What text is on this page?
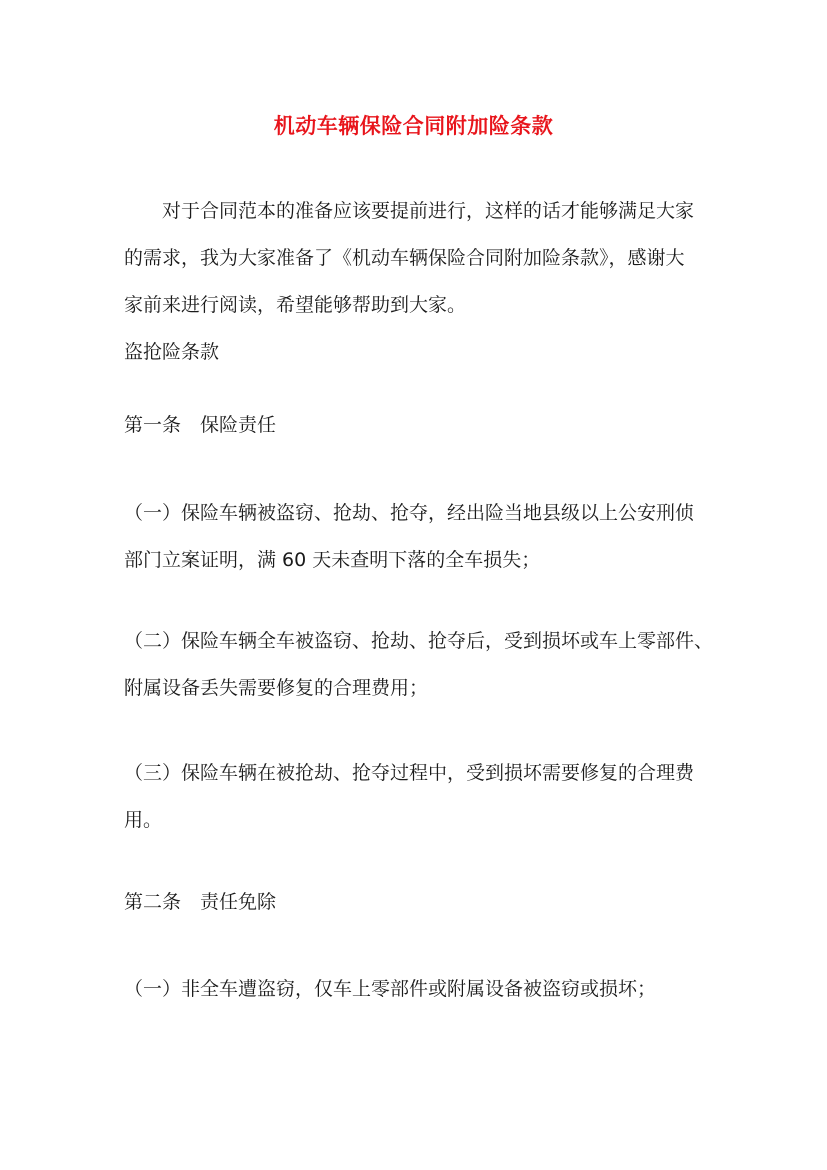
机动车辆保险合同附加险条款
对于合同范本的准备应该要提前进行，这样的话才能够满足大家
的需求，我为大家准备了《机动车辆保险合同附加险条款》，感谢大
家前来进行阅读，希望能够帮助到大家。
盗抢险条款
第一条　保险责任
（一）保险车辆被盗窃、抢劫、抢夺，经出险当地县级以上公安刑侦
部门立案证明，满 60 天未查明下落的全车损失；
（二）保险车辆全车被盗窃、抢劫、抢夺后，受到损坏或车上零部件、
附属设备丢失需要修复的合理费用；
（三）保险车辆在被抢劫、抢夺过程中，受到损坏需要修复的合理费
用。
第二条　责任免除
（一）非全车遭盗窃，仅车上零部件或附属设备被盗窃或损坏；
